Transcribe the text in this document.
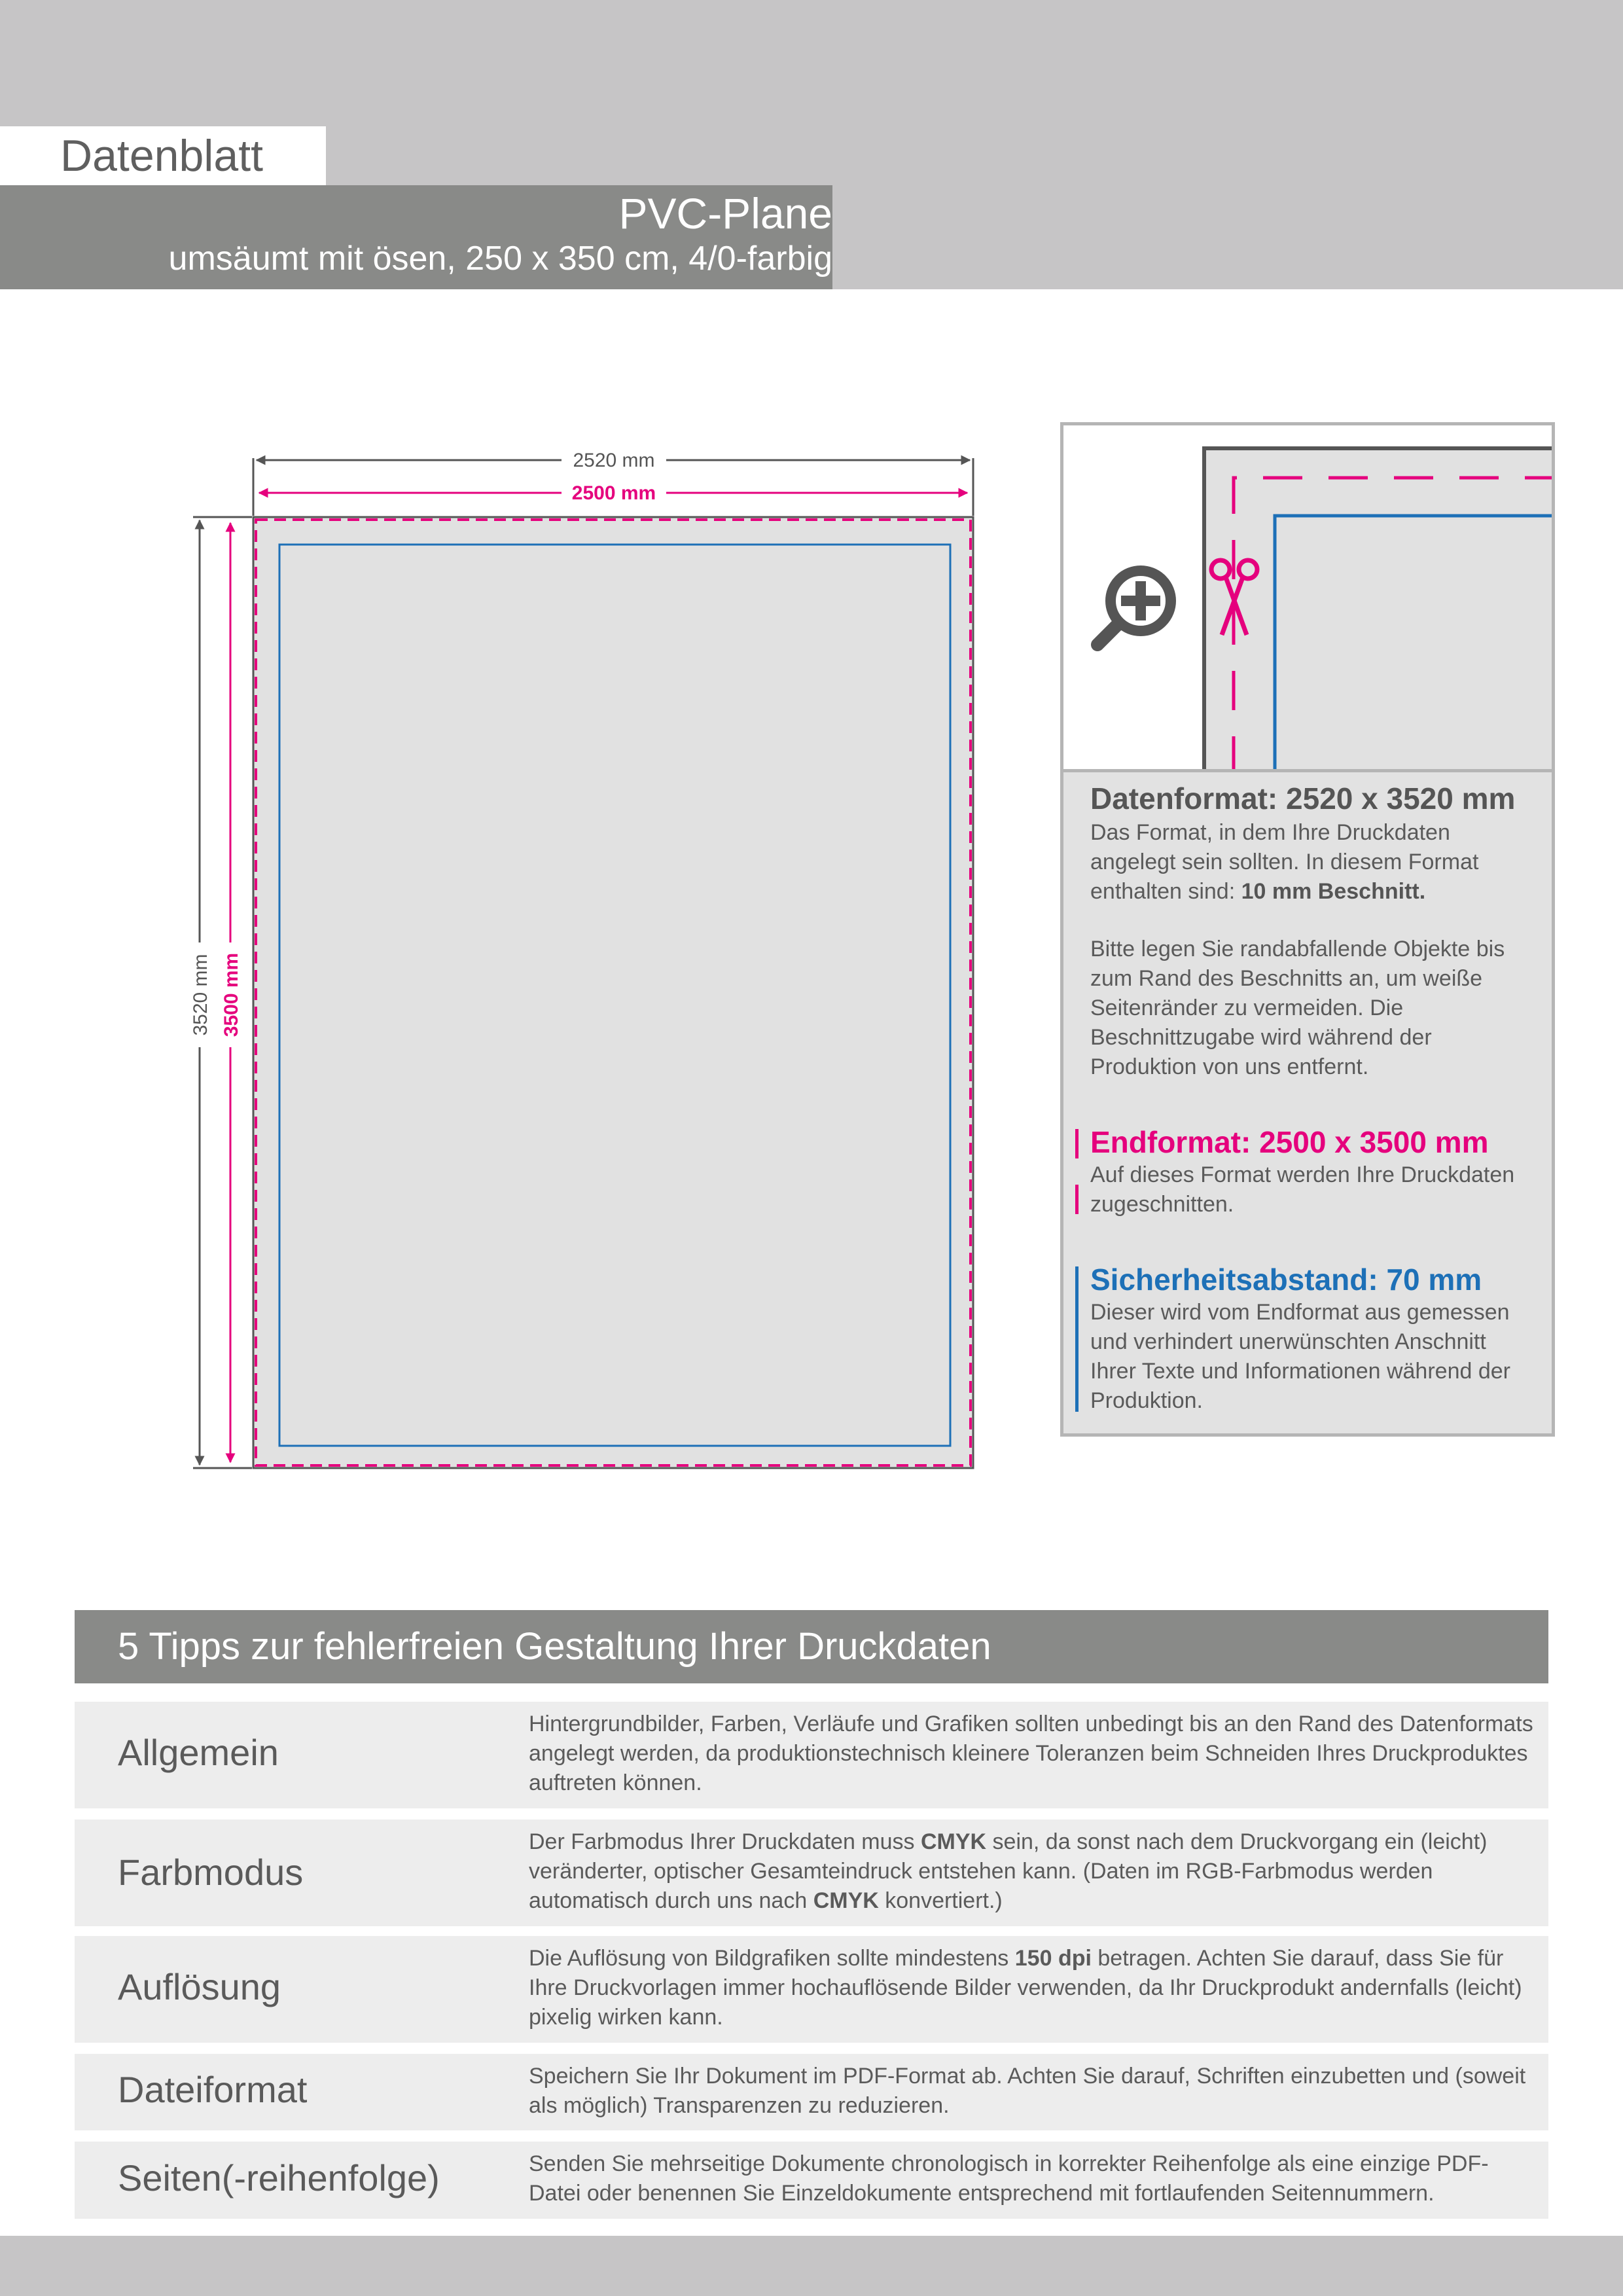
Datenblatt
PVC-Plane
umsäumt mit ösen, 250 x 350 cm, 4/0-farbig
2520 mm
2500 mm
3520 mm 3500 mm
Datenformat: 2520 x 3520 mm
Das Format, in dem Ihre Druckdaten angelegt sein sollten. In diesem Format enthalten sind: 10 mm Beschnitt.
Bitte legen Sie randabfallende Objekte bis zum Rand des Beschnitts an, um weiße Seitenränder zu vermeiden. Die Beschnittzugabe wird während der Produktion von uns entfernt.
Endformat: 2500 x 3500 mm
Auf dieses Format werden Ihre Druckdaten zugeschnitten.
Sicherheitsabstand: 70 mm
Dieser wird vom Endformat aus gemessen und verhindert unerwünschten Anschnitt Ihrer Texte und Informationen während der Produktion.
5 Tipps zur fehlerfreien Gestaltung Ihrer Druckdaten
Allgemein
Hintergrundbilder, Farben, Verläufe und Grafiken sollten unbedingt bis an den Rand des Datenformats angelegt werden, da produktionstechnisch kleinere Toleranzen beim Schneiden Ihres Druckproduktes auftreten können.
Farbmodus
Der Farbmodus Ihrer Druckdaten muss CMYK sein, da sonst nach dem Druckvorgang ein (leicht) veränderter, optischer Gesamteindruck entstehen kann. (Daten im RGB-Farbmodus werden automatisch durch uns nach CMYK konvertiert.)
Auflösung
Die Auflösung von Bildgrafiken sollte mindestens 150 dpi betragen. Achten Sie darauf, dass Sie für Ihre Druckvorlagen immer hochauflösende Bilder verwenden, da Ihr Druckprodukt andernfalls (leicht) pixelig wirken kann.
Dateiformat	Speichern Sie Ihr Dokument im PDF-Format ab. Achten Sie darauf, Schriften einzubetten und (soweit als möglich) Transparenzen zu reduzieren.
Seiten(-reihenfolge)	Senden Sie mehrseitige Dokumente chronologisch in korrekter Reihenfolge als eine einzige PDF-Datei oder benennen Sie Einzeldokumente entsprechend mit fortlaufenden Seitennummern.
